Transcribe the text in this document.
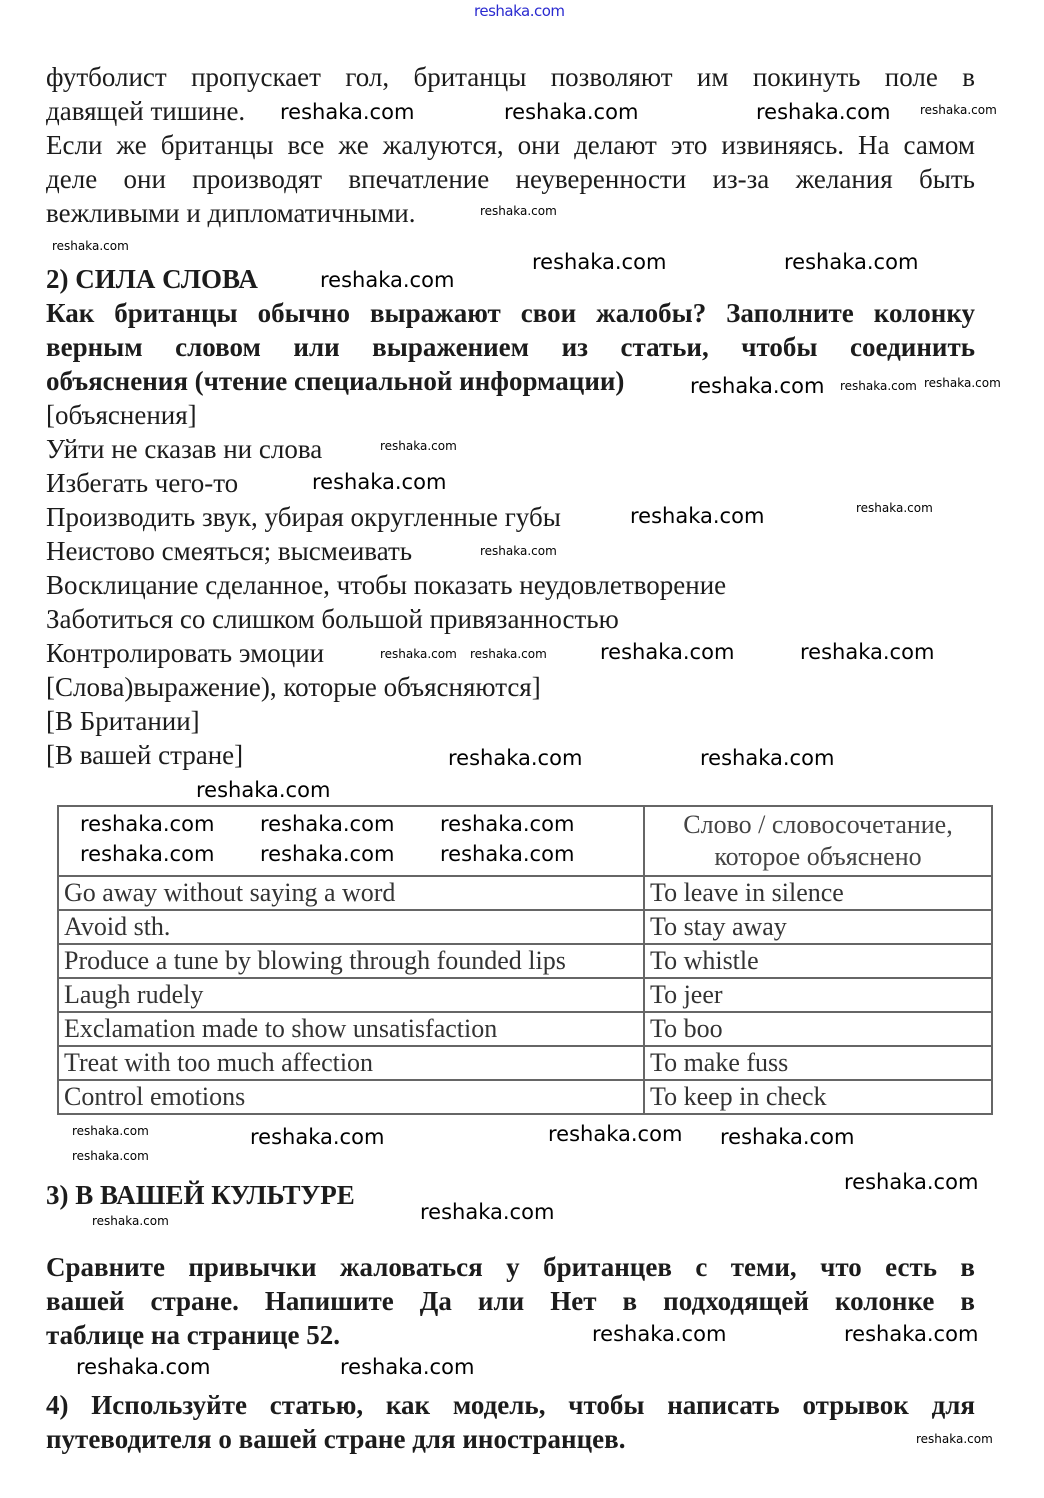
reshaka.com
футболист пропускает гол, британцы позволяют им покинуть поле в
давящей тишине.
Если же британцы все же жалуются, они делают это извиняясь. На самом
деле они производят впечатление неуверенности из-за желания быть
вежливыми и дипломатичными.
2) СИЛА СЛОВА
Как британцы обычно выражают свои жалобы? Заполните колонку
верным словом или выражением из статьи, чтобы соединить
объяснения (чтение специальной информации)
[объяснения]
Уйти не сказав ни слова
Избегать чего-то
Производить звук, убирая округленные губы
Неистово смеяться; высмеивать
Восклицание сделанное, чтобы показать неудовлетворение
Заботиться со слишком большой привязанностью
Контролировать эмоции
[Слова)выражение), которые объясняются]
[В Британии]
[В вашей стране]
	Слово / словосочетание, которое объяснено
Go away without saying a word	To leave in silence
Avoid sth.	To stay away
Produce a tune by blowing through founded lips	To whistle
Laugh rudely	To jeer
Exclamation made to show unsatisfaction	To boo
Treat with too much affection	To make fuss
Control emotions	To keep in check
3) В ВАШЕЙ КУЛЬТУРЕ
Сравните привычки жаловаться у британцев с теми, что есть в
вашей стране. Напишите Да или Нет в подходящей колонке в
таблице на странице 52.
4) Используйте статью, как модель, чтобы написать отрывок для
путеводителя о вашей стране для иностранцев.
reshaka.com
reshaka.com	reshaka.com	reshaka.com
reshaka.com
reshaka.com
reshaka.com	reshaka.com
reshaka.com
reshaka.com
reshaka.com	reshaka.com
reshaka.com
reshaka.com
reshaka.com	reshaka.com
reshaka.com
reshaka.com reshaka.com	reshaka.com	reshaka.com
reshaka.com	reshaka.com
reshaka.com
reshaka.com reshaka.com reshaka.com
reshaka.com reshaka.com reshaka.com
reshaka.com	reshaka.com
reshaka.com
reshaka.com	reshaka.com
reshaka.com
reshaka.com	reshaka.com
reshaka.com	reshaka.com
reshaka.com	reshaka.com
reshaka.com
